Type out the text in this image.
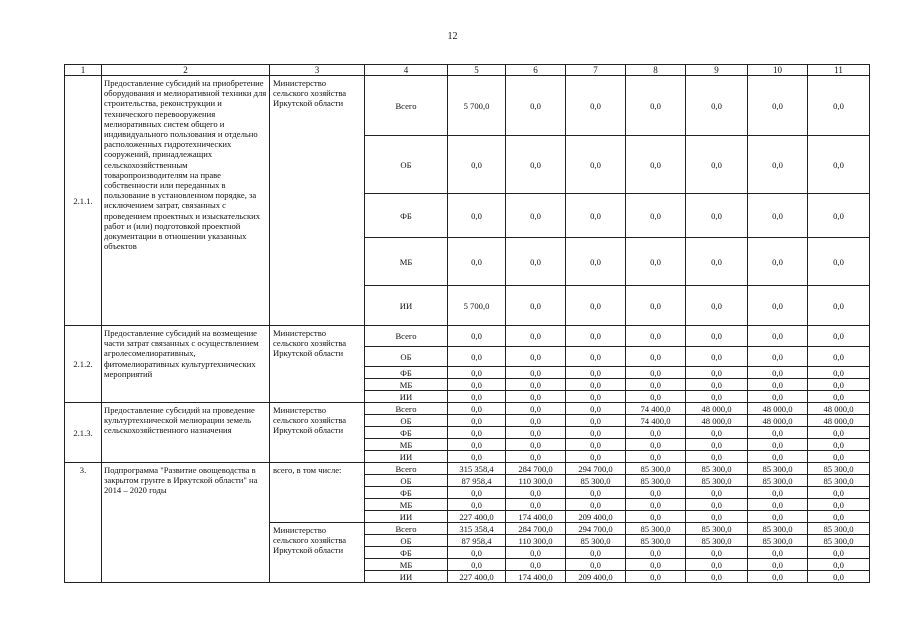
12
1	2	3	4	5	6	7	8	9	10	11
2.1.1.	Предоставление субсидий на приобретение оборудования и мелиоративной техники для строительства, реконструкции и технического перевооружения мелиоративных систем общего и индивидуального пользования и отдельно расположенных гидротехнических сооружений, принадлежащих сельскохозяйственным товаропроизводителям на праве собственности или переданных в пользование в установленном порядке, за исключением затрат, связанных с проведением проектных и изыскательских работ и (или) подготовкой проектной документации в отношении указанных объектов	Министерство сельского хозяйства Иркутской области	Всего	5 700,0	0,0	0,0	0,0	0,0	0,0	0,0
			ОБ	0,0	0,0	0,0	0,0	0,0	0,0	0,0
			ФБ	0,0	0,0	0,0	0,0	0,0	0,0	0,0
			МБ	0,0	0,0	0,0	0,0	0,0	0,0	0,0
			ИИ	5 700,0	0,0	0,0	0,0	0,0	0,0	0,0
2.1.2.	Предоставление субсидий на возмещение части затрат связанных с осуществлением агролесомелиоративных, фитомелиоративных культуртехнических мероприятий	Министерство сельского хозяйства Иркутской области	Всего	0,0	0,0	0,0	0,0	0,0	0,0	0,0
			ОБ	0,0	0,0	0,0	0,0	0,0	0,0	0,0
			ФБ	0,0	0,0	0,0	0,0	0,0	0,0	0,0
			МБ	0,0	0,0	0,0	0,0	0,0	0,0	0,0
			ИИ	0,0	0,0	0,0	0,0	0,0	0,0	0,0
2.1.3.	Предоставление субсидий на проведение культуртехнической мелиорации земель сельскохозяйственного назначения	Министерство сельского хозяйства Иркутской области	Всего	0,0	0,0	0,0	74 400,0	48 000,0	48 000,0	48 000,0
			ОБ	0,0	0,0	0,0	74 400,0	48 000,0	48 000,0	48 000,0
			ФБ	0,0	0,0	0,0	0,0	0,0	0,0	0,0
			МБ	0,0	0,0	0,0	0,0	0,0	0,0	0,0
			ИИ	0,0	0,0	0,0	0,0	0,0	0,0	0,0
3.	Подпрограмма "Развитие овощеводства в закрытом грунте в Иркутской области" на 2014 – 2020 годы	всего, в том числе:	Всего	315 358,4	284 700,0	294 700,0	85 300,0	85 300,0	85 300,0	85 300,0
			ОБ	87 958,4	110 300,0	85 300,0	85 300,0	85 300,0	85 300,0	85 300,0
			ФБ	0,0	0,0	0,0	0,0	0,0	0,0	0,0
			МБ	0,0	0,0	0,0	0,0	0,0	0,0	0,0
			ИИ	227 400,0	174 400,0	209 400,0	0,0	0,0	0,0	0,0
		Министерство сельского хозяйства Иркутской области	Всего	315 358,4	284 700,0	294 700,0	85 300,0	85 300,0	85 300,0	85 300,0
			ОБ	87 958,4	110 300,0	85 300,0	85 300,0	85 300,0	85 300,0	85 300,0
			ФБ	0,0	0,0	0,0	0,0	0,0	0,0	0,0
			МБ	0,0	0,0	0,0	0,0	0,0	0,0	0,0
			ИИ	227 400,0	174 400,0	209 400,0	0,0	0,0	0,0	0,0
